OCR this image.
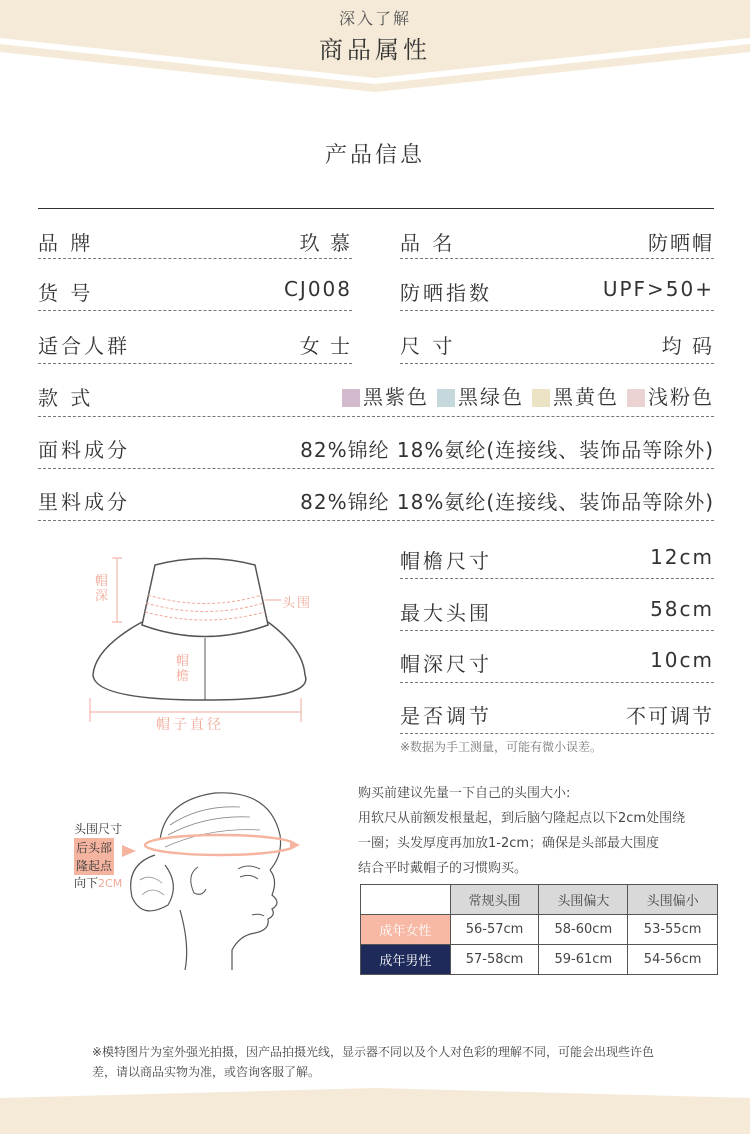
深入了解
商品属性
产品信息
品 牌	玖 慕 品 名	防晒帽
货 号	CJ008 防晒指数	UPF>50+
适合人群	女 士 尺 寸	均 码
款 式	黑紫色 黑绿色 黑黄色 浅粉色
面料成分	82%锦纶 18%氨纶(连接线、装饰品等除外)
里料成分	82%锦纶 18%氨纶(连接线、装饰品等除外)
帽深	头围
帽檐
帽子直径
帽檐尺寸	12cm
最大头围	58cm
帽深尺寸	10cm
是否调节	不可调节
※数据为手工测量，可能有微小误差。
头围尺寸
后头部
隆起点
向下2CM
购买前建议先量一下自己的头围大小:
用软尺从前额发根量起，到后脑勺隆起点以下2cm处围绕
一圈；头发厚度再加放1-2cm；确保是头部最大围度
结合平时戴帽子的习惯购买。
	常规头围	头围偏大	头围偏小
成年女性	56-57cm	58-60cm	53-55cm
成年男性	57-58cm	59-61cm	54-56cm
※模特图片为室外强光拍摄，因产品拍摄光线，显示器不同以及个人对色彩的理解不同，可能会出现些许色差，请以商品实物为准，或咨询客服了解。
